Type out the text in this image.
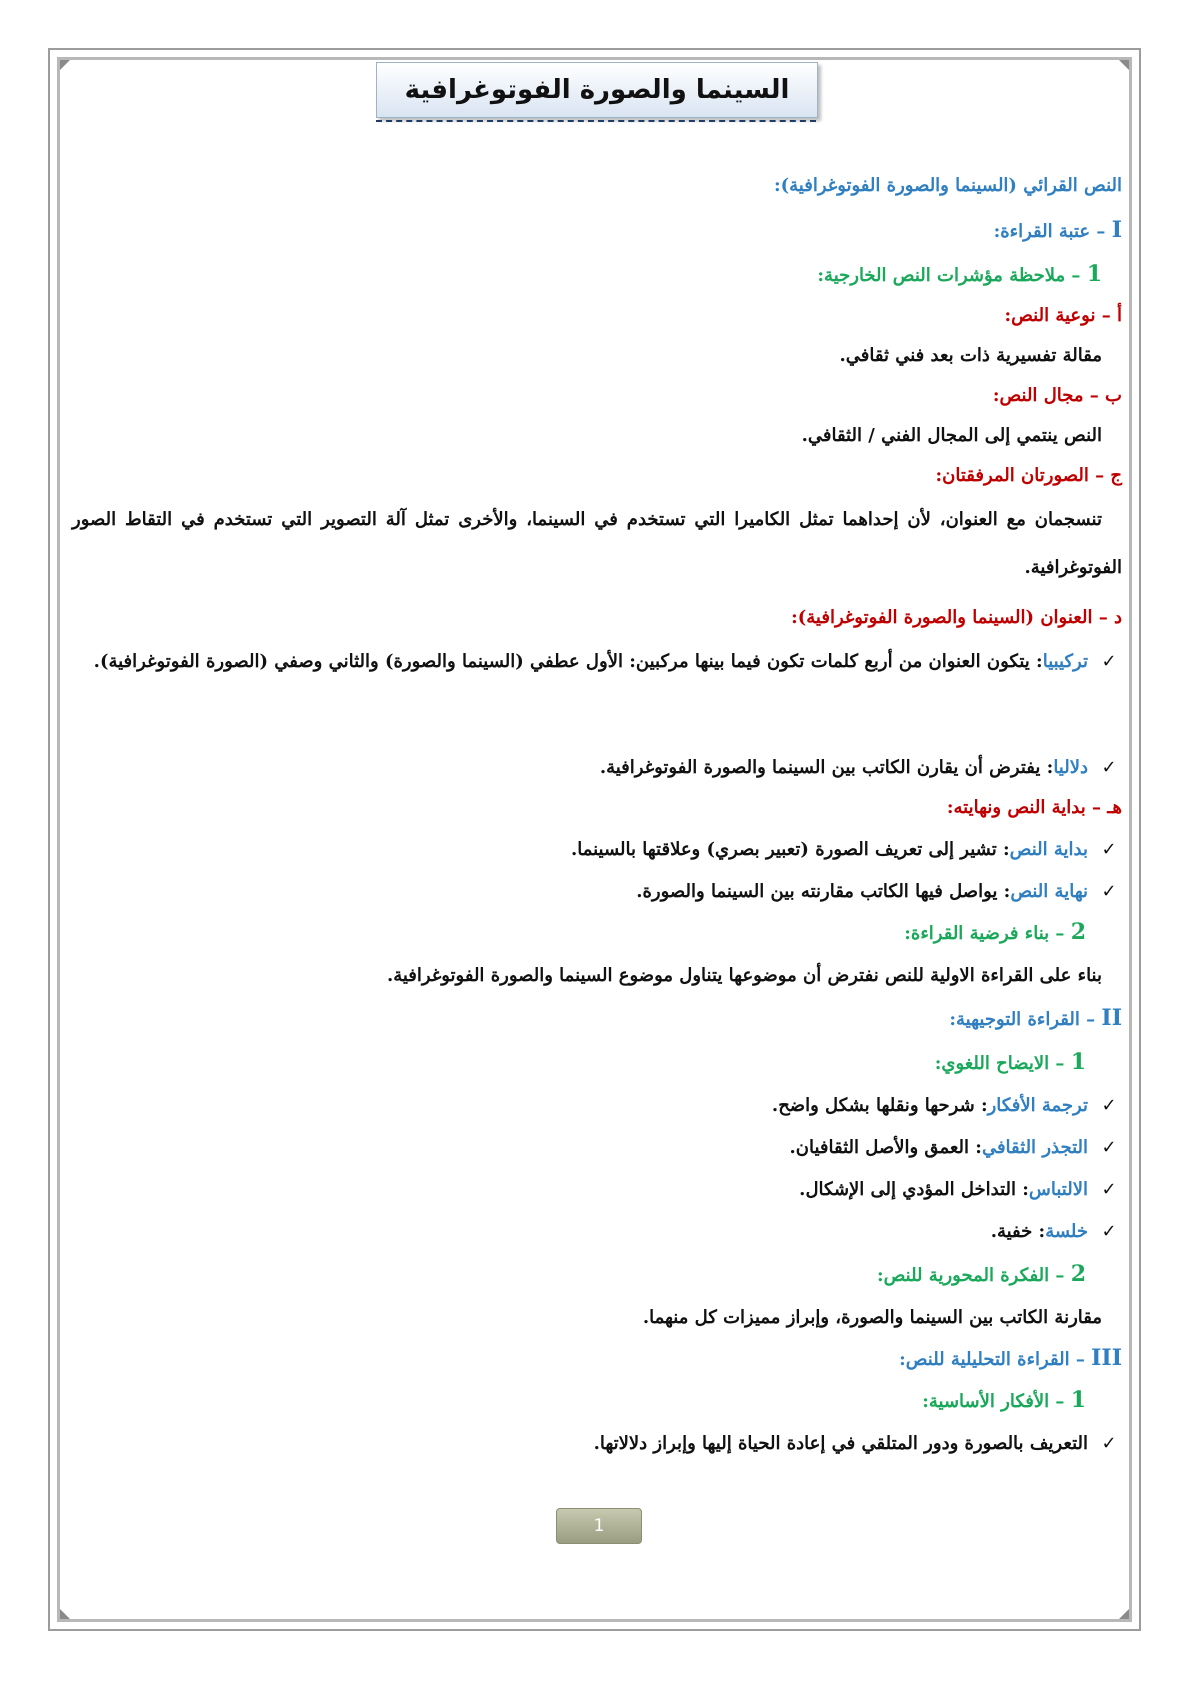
السينما والصورة الفوتوغرافية
النص القرائي (السينما والصورة الفوتوغرافية):
I – عتبة القراءة:
1 – ملاحظة مؤشرات النص الخارجية:
أ – نوعية النص:
مقالة تفسيرية ذات بعد فني ثقافي.
ب – مجال النص:
النص ينتمي إلى المجال الفني / الثقافي.
ج – الصورتان المرفقتان:
تنسجمان مع العنوان، لأن إحداهما تمثل الكاميرا التي تستخدم في السينما، والأخرى تمثل آلة التصوير التي تستخدم في التقاط الصور الفوتوغرافية.
د – العنوان (السينما والصورة الفوتوغرافية):
✓
تركيبيا: يتكون العنوان من أربع كلمات تكون فيما بينها مركبين: الأول عطفي (السينما والصورة) والثاني وصفي (الصورة الفوتوغرافية).
✓دلاليا: يفترض أن يقارن الكاتب بين السينما والصورة الفوتوغرافية.
هـ – بداية النص ونهايته:
✓بداية النص: تشير إلى تعريف الصورة (تعبير بصري) وعلاقتها بالسينما.
✓نهاية النص: يواصل فيها الكاتب مقارنته بين السينما والصورة.
2 – بناء فرضية القراءة:
بناء على القراءة الاولية للنص نفترض أن موضوعها يتناول موضوع السينما والصورة الفوتوغرافية.
II – القراءة التوجيهية:
1 – الايضاح اللغوي:
✓ترجمة الأفكار: شرحها ونقلها بشكل واضح.
✓التجذر الثقافي: العمق والأصل الثقافيان.
✓الالتباس: التداخل المؤدي إلى الإشكال.
✓خلسة: خفية.
2 – الفكرة المحورية للنص:
مقارنة الكاتب بين السينما والصورة، وإبراز مميزات كل منهما.
III – القراءة التحليلية للنص:
1 – الأفكار الأساسية:
✓التعريف بالصورة ودور المتلقي في إعادة الحياة إليها وإبراز دلالاتها.
1
